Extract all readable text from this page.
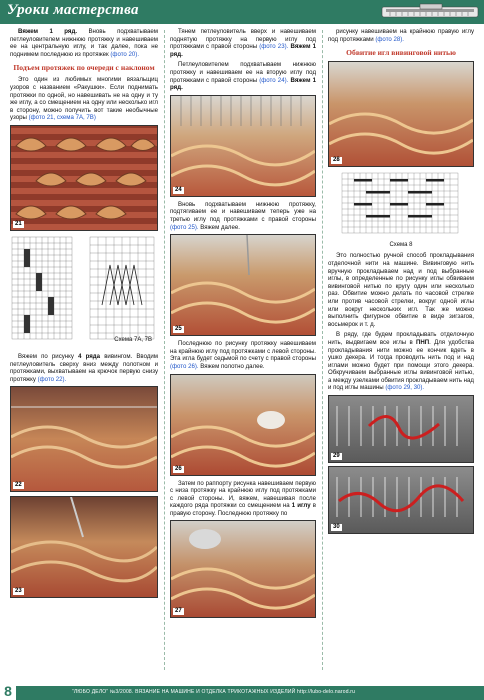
Уроки мастерства

Вяжем 1 ряд. Вновь подхватываем петлеуловителем нижнюю протяжку и навешиваем ее на центральную иглу, и так далее, пока не поднимем последнюю из протяжек (фото 20).

Подъем протяжек по очереди с наклоном

Это один из любимых многими вязальщиц узоров с названием «Ракушки». Если поднимать протяжки по одной, но навешивать не на одну и ту же иглу, а со смещением на одну или несколько игл в сторону, можно получить вот такие необычные узоры (фото 21, схема 7А, 7В)

21
Схема 7А, 7В

Вяжем по рисунку 4 ряда вивингом. Вводим петлеуловитель сверху вниз между полотном и протяжками, выхватываем на крючок первую снизу протяжку (фото 22).

22
23

Тянем петлеуловитель вверх и навешиваем поднятую протяжку на первую иглу под протяжками с правой стороны (фото 23). Вяжем 1 ряд.

Петлеуловителем подхватываем нижнюю протяжку и навешиваем ее на вторую иглу под протяжками с правой стороны (фото 24). Вяжем 1 ряд.

24

Вновь подхватываем нижнюю протяжку, подтягиваем ее и навешиваем теперь уже на третью иглу под протяжками с правой стороны (фото 25). Вяжем далее.

25

Последнюю по рисунку протяжку навешиваем на крайнюю иглу под протяжками с левой стороны. Эта игла будет седьмой по счету с правой стороны (фото 26). Вяжем полотно далее.

26

Затем по раппорту рисунка навешиваем первую с низа протяжку на крайнюю иглу под протяжками с левой стороны. И, вяжем, навешивая после каждого ряда протяжки со смещением на 1 иглу в правую сторону. Последнюю протяжку по

27

рисунку навешиваем на крайнюю правую иглу под протяжками (фото 28).

Обвитие игл вивинговой нитью
28
Схема 8

Это полностью ручной способ прокладывания отделочной нити на машине. Вивинговую нить вручную прокладываем над и под выбранные иглы, в определенные по рисунку иглы обвиваем вивинговой нитью по кругу один или несколько раз. Обвитие можно делать по часовой стрелке или против часовой стрелки, вокруг одной иглы или вокруг нескольких игл. Так же можно выполнить фигурное обвитие в виде зигзагов, восьмерок и т. д.

В ряду, где будем прокладывать отделочную нить, выдвигаем все иглы в ПНП. Для удобства прокладывания нити можно ее кончик вдеть в ушко декера. И тогда проводить нить под и над иглами можно будет при помощи этого декера. Обкручиваем выбранные иглы вивинговой нитью, а между узелками обвития прокладываем нить над и под иглы машины (фото 29, 30).

29
30
8	“ЛЮБО ДЕЛО” №3/2008. ВЯЗАНИЕ НА МАШИНЕ И ОТДЕЛКА ТРИКОТАЖНЫХ ИЗДЕЛИЙ http://lubo-delo.narod.ru
